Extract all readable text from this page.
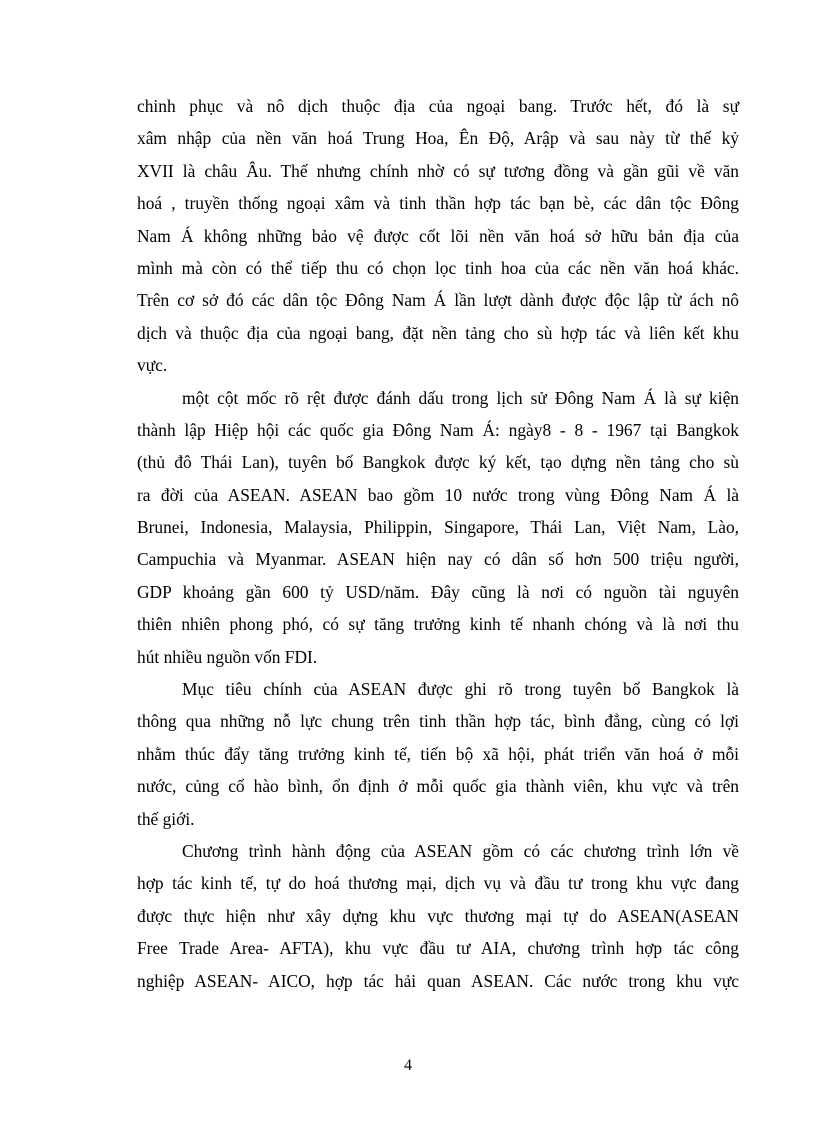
chinh phục và nô dịch thuộc địa của ngoại bang. Trước hết, đó là sự
xâm nhập của nền văn hoá Trung Hoa, Ên Độ, Arập và sau này từ thế kỷ
XVII là châu Âu. Thế nhưng chính nhờ có sự tương đồng và gần gũi về văn
hoá , truyền thống ngoại xâm và tinh thần hợp tác bạn bè, các dân tộc Đông
Nam Á không những bảo vệ được cốt lõi nền văn hoá sở hữu bản địa của
mình mà còn có thể tiếp thu có chọn lọc tinh hoa của các nền văn hoá khác.
Trên cơ sở đó các dân tộc Đông Nam Á lần lượt dành được độc lập từ ách nô
dịch và thuộc địa của ngoại bang, đặt nền tảng cho sù hợp tác và liên kết khu
vực.
một cột mốc rõ rệt được đánh dấu trong lịch sử Đông Nam Á là sự kiện
thành lập Hiệp hội các quốc gia Đông Nam Á: ngày8 - 8 - 1967 tại Bangkok
(thủ đô Thái Lan), tuyên bố Bangkok được ký kết, tạo dựng nền tảng cho sù
ra đời của ASEAN. ASEAN bao gồm 10 nước trong vùng Đông Nam Á là
Brunei, Indonesia, Malaysia, Philippin, Singapore, Thái Lan, Việt Nam, Lào,
Campuchia và Myanmar. ASEAN hiện nay có dân số hơn 500 triệu người,
GDP khoảng gần 600 tỷ USD/năm. Đây cũng là nơi có nguồn tài nguyên
thiên nhiên phong phó, có sự tăng trưởng kinh tế nhanh chóng và là nơi thu
hút nhiều nguồn vốn FDI.
Mục tiêu chính của ASEAN được ghi rõ trong tuyên bố Bangkok là
thông qua những nỗ lực chung trên tinh thần hợp tác, bình đẳng, cùng có lợi
nhằm thúc đẩy tăng trưởng kinh tế, tiến bộ xã hội, phát triển văn hoá ở mỗi
nước, củng cố hào bình, ổn định ở mỗi quốc gia thành viên, khu vực và trên
thế giới.
Chương trình hành động của ASEAN gồm có các chương trình lớn về
hợp tác kinh tế, tự do hoá thương mại, dịch vụ và đầu tư trong khu vực đang
được thực hiện như xây dựng khu vực thương mại tự do ASEAN(ASEAN
Free Trade Area- AFTA), khu vực đầu tư AIA, chương trình hợp tác công
nghiệp ASEAN- AICO, hợp tác hải quan ASEAN. Các nước trong khu vực
4
